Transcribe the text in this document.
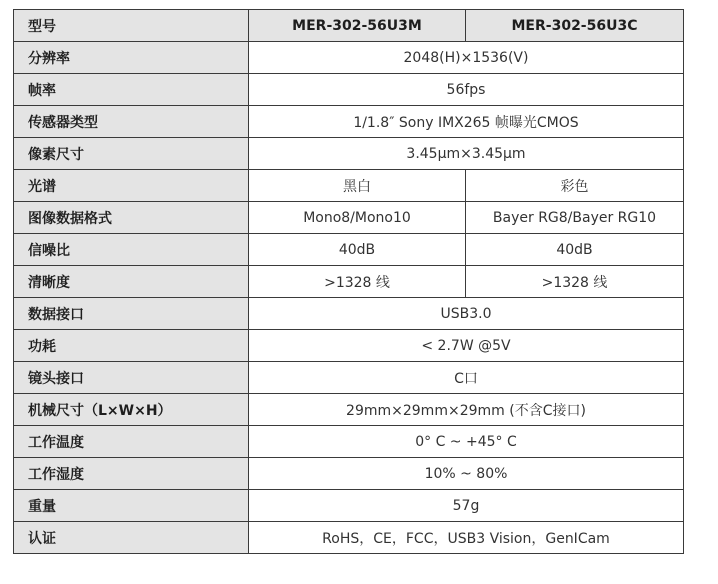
型号	MER-302-56U3M	MER-302-56U3C
分辨率	2048(H)×1536(V)	
帧率	56fps	
传感器类型	1/1.8″ Sony IMX265 帧曝光CMOS	
像素尺寸	3.45μm×3.45μm	
光谱	黑白	彩色
图像数据格式	Mono8/Mono10	Bayer RG8/Bayer RG10
信噪比	40dB	40dB
清晰度	>1328 线	>1328 线
数据接口	USB3.0	
功耗	< 2.7W @5V	
镜头接口	C口	
机械尺寸（L×W×H）	29mm×29mm×29mm (不含C接口)	
工作温度	0° C ~ +45° C	
工作湿度	10% ~ 80%	
重量	57g	
认证	RoHS，CE，FCC，USB3 Vision，GenICam	
